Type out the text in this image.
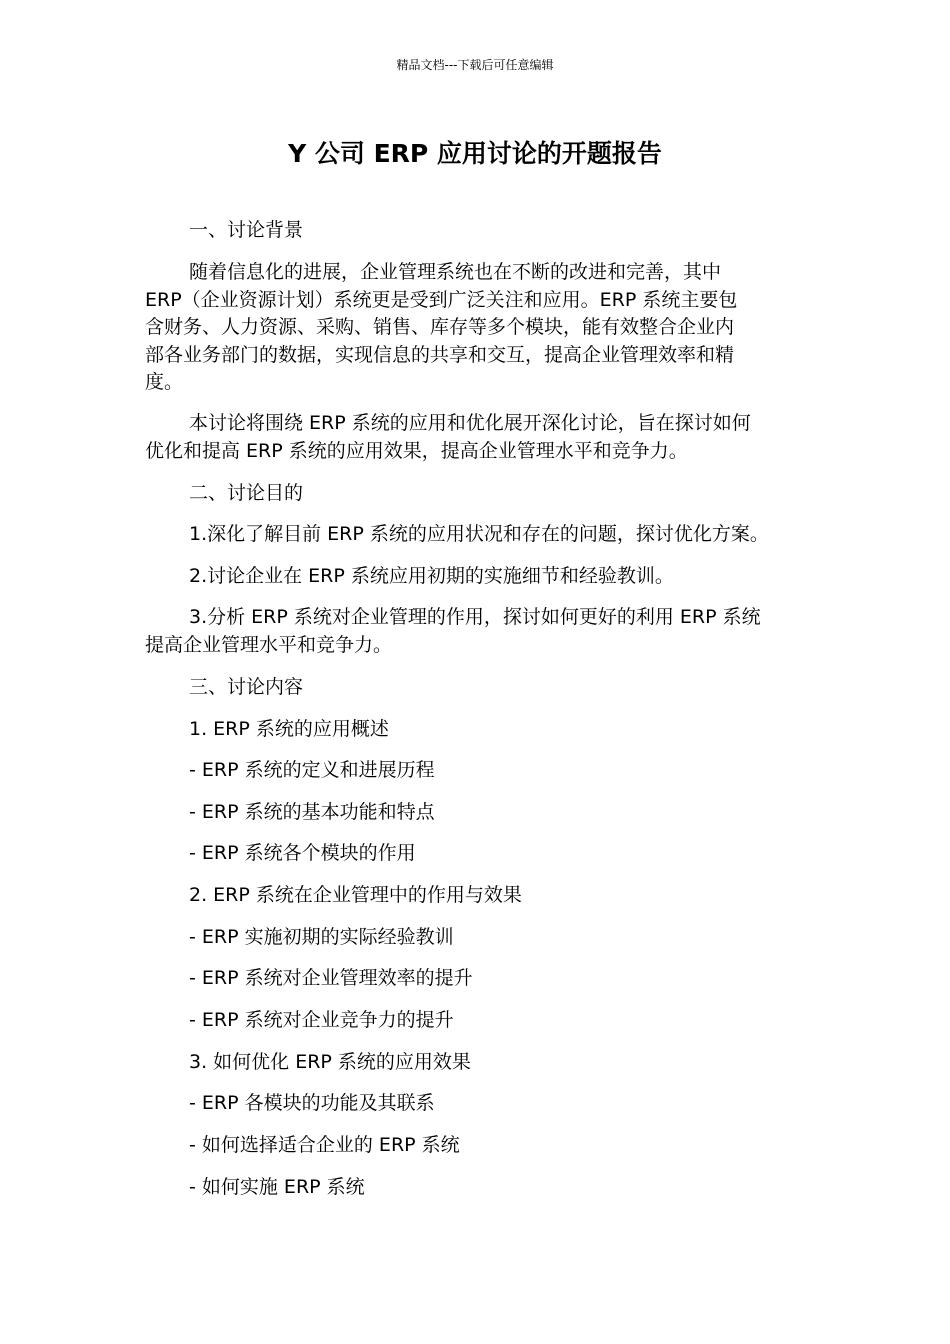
精品文档---下载后可任意编辑
Y 公司 ERP 应用讨论的开题报告

一、讨论背景

随着信息化的进展，企业管理系统也在不断的改进和完善，其中

ERP（企业资源计划）系统更是受到广泛关注和应用。ERP 系统主要包

含财务、人力资源、采购、销售、库存等多个模块，能有效整合企业内

部各业务部门的数据，实现信息的共享和交互，提高企业管理效率和精

度。

本讨论将围绕 ERP 系统的应用和优化展开深化讨论，旨在探讨如何

优化和提高 ERP 系统的应用效果，提高企业管理水平和竞争力。

二、讨论目的

1.深化了解目前 ERP 系统的应用状况和存在的问题，探讨优化方案。

2.讨论企业在 ERP 系统应用初期的实施细节和经验教训。

3.分析 ERP 系统对企业管理的作用，探讨如何更好的利用 ERP 系统

提高企业管理水平和竞争力。

三、讨论内容

1. ERP 系统的应用概述

- ERP 系统的定义和进展历程

- ERP 系统的基本功能和特点

- ERP 系统各个模块的作用

2. ERP 系统在企业管理中的作用与效果

- ERP 实施初期的实际经验教训

- ERP 系统对企业管理效率的提升

- ERP 系统对企业竞争力的提升

3. 如何优化 ERP 系统的应用效果

- ERP 各模块的功能及其联系

- 如何选择适合企业的 ERP 系统

- 如何实施 ERP 系统
